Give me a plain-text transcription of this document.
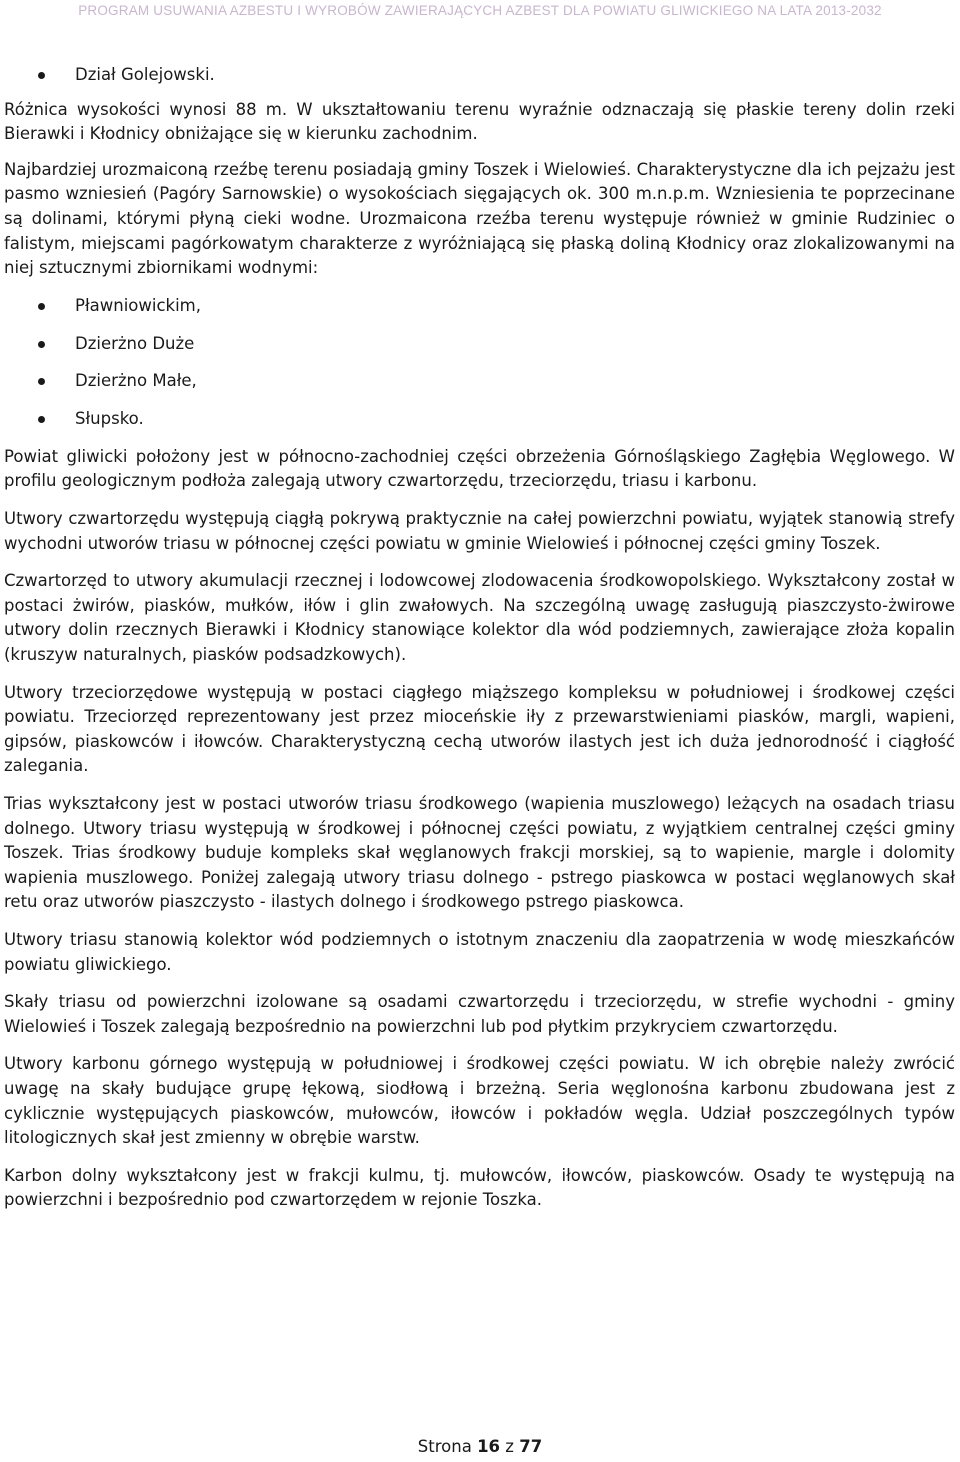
PROGRAM USUWANIA AZBESTU I WYROBÓW ZAWIERAJĄCYCH AZBEST DLA POWIATU GLIWICKIEGO NA LATA 2013-2032
Dział Golejowski.

Różnica wysokości wynosi 88 m. W ukształtowaniu terenu wyraźnie odznaczają się płaskie tereny dolin rzeki Bierawki i Kłodnicy obniżające się w kierunku zachodnim.

Najbardziej urozmaiconą rzeźbę terenu posiadają gminy Toszek i Wielowieś. Charakterystyczne dla ich pejzażu jest pasmo wzniesień (Pagóry Sarnowskie) o wysokościach sięgających ok. 300 m.n.p.m. Wzniesienia te poprzecinane są dolinami, którymi płyną cieki wodne. Urozmaicona rzeźba terenu występuje również w gminie Rudziniec o falistym, miejscami pagórkowatym charakterze z wyróżniającą się płaską doliną Kłodnicy oraz zlokalizowanymi na niej sztucznymi zbiornikami wodnymi:

Pławniowickim,
Dzierżno Duże
Dzierżno Małe,
Słupsko.

Powiat gliwicki położony jest w północno-zachodniej części obrzeżenia Górnośląskiego Zagłębia Węglowego. W profilu geologicznym podłoża zalegają utwory czwartorzędu, trzeciorzędu, triasu i karbonu.

Utwory czwartorzędu występują ciągłą pokrywą praktycznie na całej powierzchni powiatu, wyjątek stanowią strefy wychodni utworów triasu w północnej części powiatu w gminie Wielowieś i północnej części gminy Toszek.

Czwartorzęd to utwory akumulacji rzecznej i lodowcowej zlodowacenia środkowopolskiego. Wykształcony został w postaci żwirów, piasków, mułków, iłów i glin zwałowych. Na szczególną uwagę zasługują piaszczysto-żwirowe utwory dolin rzecznych Bierawki i Kłodnicy stanowiące kolektor dla wód podziemnych, zawierające złoża kopalin (kruszyw naturalnych, piasków podsadzkowych).

Utwory trzeciorzędowe występują w postaci ciągłego miąższego kompleksu w południowej i środkowej części powiatu. Trzeciorzęd reprezentowany jest przez mioceńskie iły z przewarstwieniami piasków, margli, wapieni, gipsów, piaskowców i iłowców. Charakterystyczną cechą utworów ilastych jest ich duża jednorodność i ciągłość zalegania.

Trias wykształcony jest w postaci utworów triasu środkowego (wapienia muszlowego) leżących na osadach triasu dolnego. Utwory triasu występują w środkowej i północnej części powiatu, z wyjątkiem centralnej części gminy Toszek. Trias środkowy buduje kompleks skał węglanowych frakcji morskiej, są to wapienie, margle i dolomity wapienia muszlowego. Poniżej zalegają utwory triasu dolnego - pstrego piaskowca w postaci węglanowych skał retu oraz utworów piaszczysto - ilastych dolnego i środkowego pstrego piaskowca.

Utwory triasu stanowią kolektor wód podziemnych o istotnym znaczeniu dla zaopatrzenia w wodę mieszkańców powiatu gliwickiego.

Skały triasu od powierzchni izolowane są osadami czwartorzędu i trzeciorzędu, w strefie wychodni - gminy Wielowieś i Toszek zalegają bezpośrednio na powierzchni lub pod płytkim przykryciem czwartorzędu.

Utwory karbonu górnego występują w południowej i środkowej części powiatu. W ich obrębie należy zwrócić uwagę na skały budujące grupę łękową, siodłową i brzeżną. Seria węglonośna karbonu zbudowana jest z cyklicznie występujących piaskowców, mułowców, iłowców i pokładów węgla. Udział poszczególnych typów litologicznych skał jest zmienny w obrębie warstw.

Karbon dolny wykształcony jest w frakcji kulmu, tj. mułowców, iłowców, piaskowców. Osady te występują na powierzchni i bezpośrednio pod czwartorzędem w rejonie Toszka.

Strona 16 z 77
